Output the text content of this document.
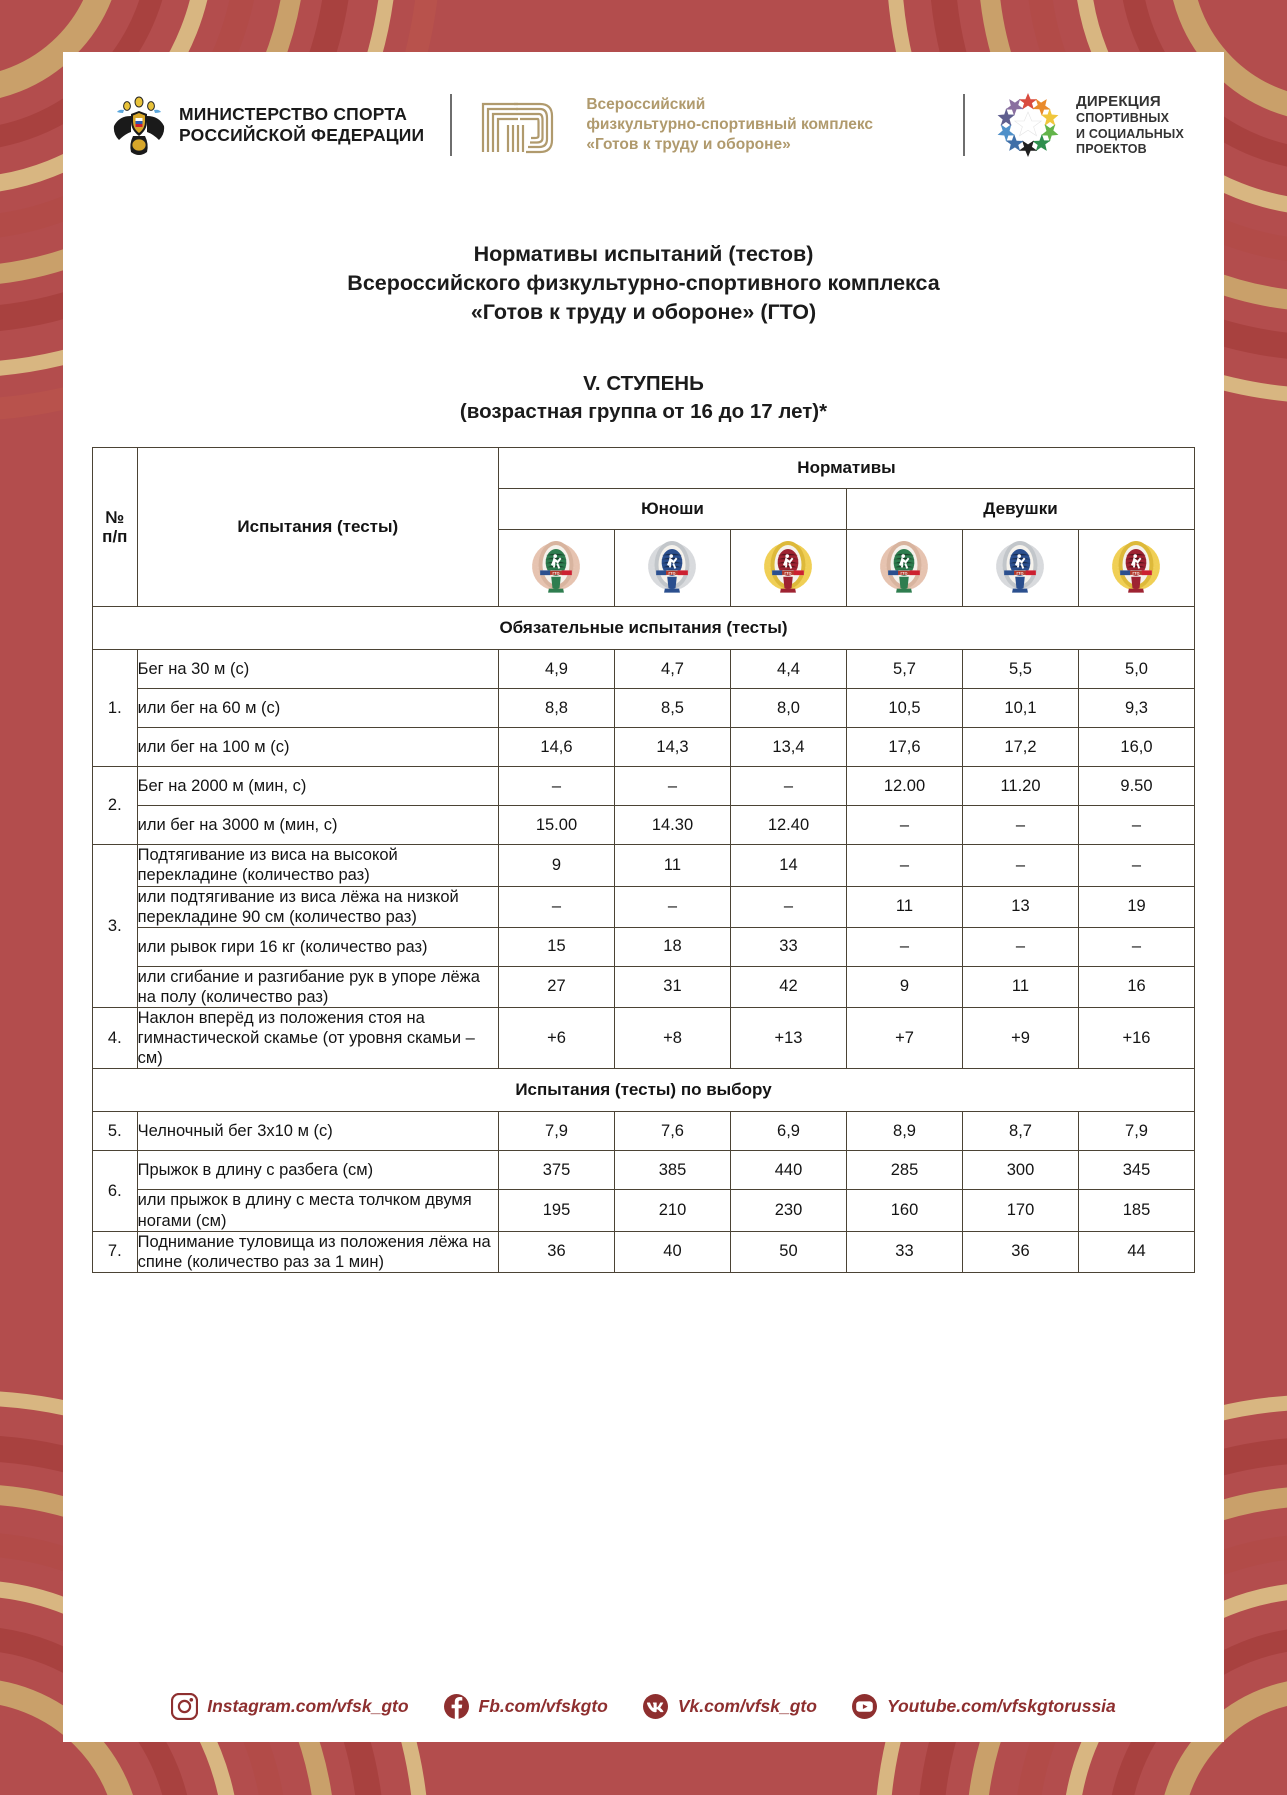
МИНИСТЕРСТВО СПОРТА
РОССИЙСКОЙ ФЕДЕРАЦИИ
Всероссийский
физкультурно-спортивный комплекс
«Готов к труду и обороне»
ДИРЕКЦИЯ
СПОРТИВНЫХ
И СОЦИАЛЬНЫХ
ПРОЕКТОВ
Нормативы испытаний (тестов)
Всероссийского физкультурно-спортивного комплекса
«Готов к труду и обороне» (ГТО)
V. СТУПЕНЬ
(возрастная группа от 16 до 17 лет)*
№
п/п	Испытания (тесты)	Нормативы					
		Юноши			Девушки		

ГТО	ГТО	ГТО	ГТО	ГТО	ГТО

Обязательные испытания (тесты)							
1.	Бег на 30 м (с)	4,9	4,7	4,4	5,7	5,5	5,0
	или бег на 60 м (с)	8,8	8,5	8,0	10,5	10,1	9,3
	или бег на 100 м (с)	14,6	14,3	13,4	17,6	17,2	16,0
2.	Бег на 2000 м (мин, с)	–	–	–	12.00	11.20	9.50
	или бег на 3000 м (мин, с)	15.00	14.30	12.40	–	–	–
3.	Подтягивание из виса на высокой перекладине (количество раз)	9	11	14	–	–	–
	или подтягивание из виса лёжа на низкой перекладине 90 см (количество раз)	–	–	–	11	13	19
	или рывок гири 16 кг (количество раз)	15	18	33	–	–	–
	или сгибание и разгибание рук в упоре лёжа на полу (количество раз)	27	31	42	9	11	16
4.	Наклон вперёд из положения стоя на гимнастической скамье (от уровня скамьи – см)	+6	+8	+13	+7	+9	+16
Испытания (тесты) по выбору							
5.	Челночный бег 3х10 м (с)	7,9	7,6	6,9	8,9	8,7	7,9
6.	Прыжок в длину с разбега (см)	375	385	440	285	300	345
	или прыжок в длину с места толчком двумя ногами (см)	195	210	230	160	170	185
7.	Поднимание туловища из положения лёжа на спине (количество раз за 1 мин)	36	40	50	33	36	44
Instagram.com/vfsk_gto	Fb.com/vfskgto	Vk.com/vfsk_gto	Youtube.com/vfskgtorussia
